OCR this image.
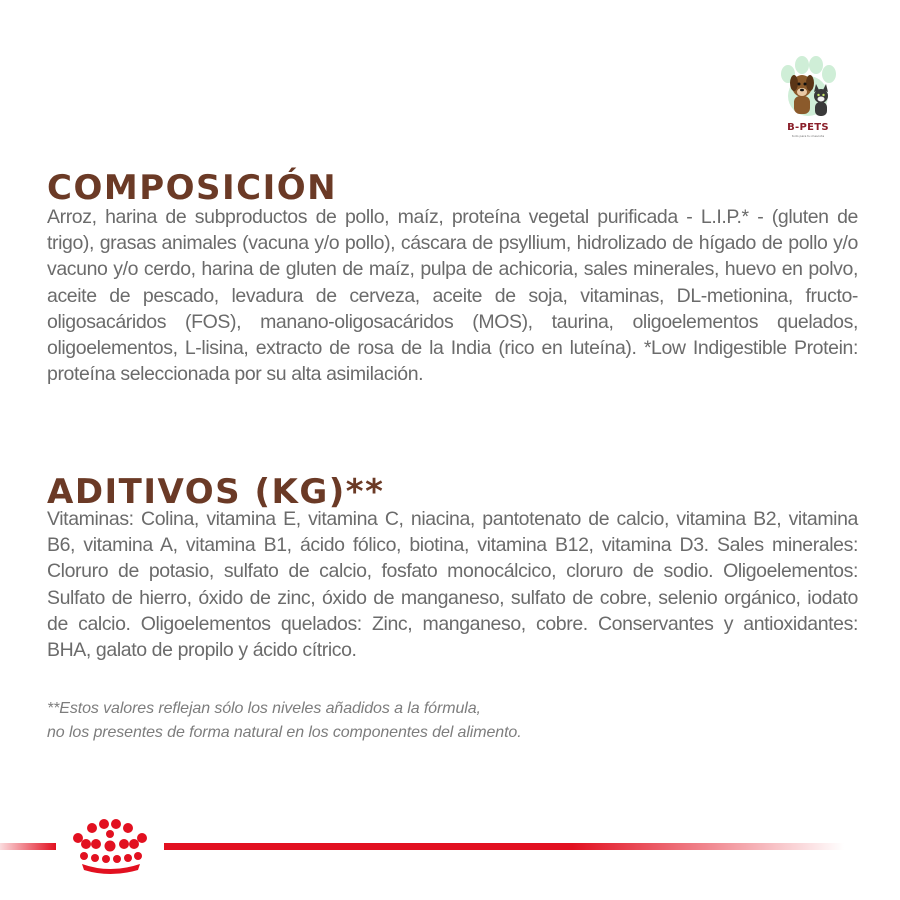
B-PETS
todo para tu mascota
COMPOSICIÓN

Arroz, harina de subproductos de pollo, maíz, proteína vegetal purificada - L.I.P.* - (gluten de trigo), grasas animales (vacuna y/o pollo), cáscara de psyllium, hidrolizado de hígado de pollo y/o vacuno y/o cerdo, harina de gluten de maíz, pulpa de achicoria, sales minerales, huevo en polvo, aceite de pescado, levadura de cerveza, aceite de soja, vitaminas, DL-metionina, fructo-oligosacáridos (FOS), manano-oligosacáridos (MOS), taurina, oligoelementos quelados, oligoelementos, L-lisina, extracto de rosa de la India (rico en luteína). *Low Indigestible Protein: proteína seleccionada por su alta asimilación.

ADITIVOS (KG)**

Vitaminas: Colina, vitamina E, vitamina C, niacina, pantotenato de calcio, vitamina B2, vitamina B6, vitamina A, vitamina B1, ácido fólico, biotina, vitamina B12, vitamina D3. Sales minerales: Cloruro de potasio, sulfato de calcio, fosfato monocálcico, cloruro de sodio. Oligoelementos: Sulfato de hierro, óxido de zinc, óxido de manganeso, sulfato de cobre, selenio orgánico, iodato de calcio. Oligoelementos quelados: Zinc, manganeso, cobre. Conservantes y antioxidantes: BHA, galato de propilo y ácido cítrico.

**Estos valores reflejan sólo los niveles añadidos a la fórmula,
no los presentes de forma natural en los componentes del alimento.
